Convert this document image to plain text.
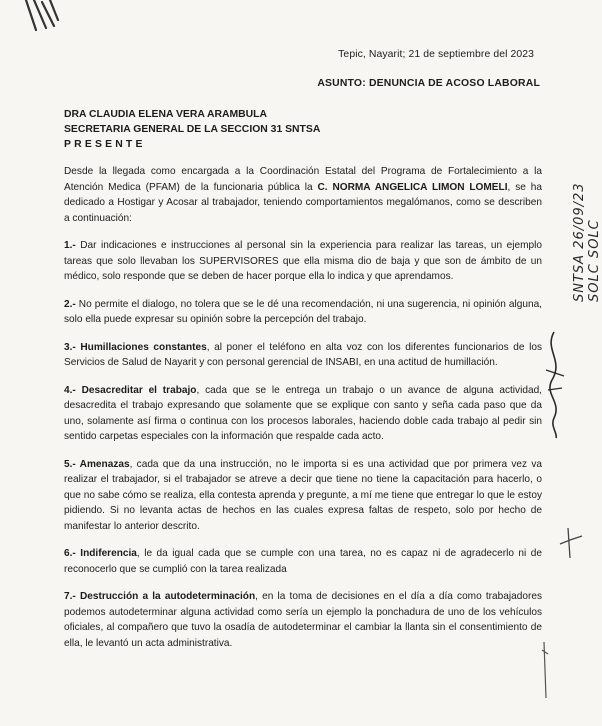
Tepic, Nayarit; 21 de septiembre del 2023
ASUNTO: DENUNCIA DE ACOSO LABORAL
DRA CLAUDIA ELENA VERA ARAMBULA
SECRETARIA GENERAL DE LA SECCION 31 SNTSA
PRESENTE

Desde la llegada como encargada a la Coordinación Estatal del Programa de Fortalecimiento a la Atención Medica (PFAM) de la funcionaria pública la C. NORMA ANGELICA LIMON LOMELI, se ha dedicado a Hostigar y Acosar al trabajador, teniendo comportamientos megalómanos, como se describen a continuación:

1.- Dar indicaciones e instrucciones al personal sin la experiencia para realizar las tareas, un ejemplo tareas que solo llevaban los SUPERVISORES que ella misma dio de baja y que son de ámbito de un médico, solo responde que se deben de hacer porque ella lo indica y que aprendamos.

2.- No permite el dialogo, no tolera que se le dé una recomendación, ni una sugerencia, ni opinión alguna, solo ella puede expresar su opinión sobre la percepción del trabajo.

3.- Humillaciones constantes, al poner el teléfono en alta voz con los diferentes funcionarios de los Servicios de Salud de Nayarit y con personal gerencial de INSABI, en una actitud de humillación.

4.- Desacreditar el trabajo, cada que se le entrega un trabajo o un avance de alguna actividad, desacredita el trabajo expresando que solamente que se explique con santo y seña cada paso que da uno, solamente así firma o continua con los procesos laborales, haciendo doble cada trabajo al pedir sin sentido carpetas especiales con la información que respalde cada acto.

5.- Amenazas, cada que da una instrucción, no le importa si es una actividad que por primera vez va realizar el trabajador, si el trabajador se atreve a decir que tiene no tiene la capacitación para hacerlo, o que no sabe cómo se realiza, ella contesta aprenda y pregunte, a mí me tiene que entregar lo que le estoy pidiendo. Si no levanta actas de hechos en las cuales expresa faltas de respeto, solo por hecho de manifestar lo anterior descrito.

6.- Indiferencia, le da igual cada que se cumple con una tarea, no es capaz ni de agradecerlo ni de reconocerlo que se cumplió con la tarea realizada

7.- Destrucción a la autodeterminación, en la toma de decisiones en el día a día como trabajadores podemos autodeterminar alguna actividad como sería un ejemplo la ponchadura de uno de los vehículos oficiales, al compañero que tuvo la osadía de autodeterminar el cambiar la llanta sin el consentimiento de ella, le levantó un acta administrativa.

SNTSA 26/09/23 SOLC SOLC
